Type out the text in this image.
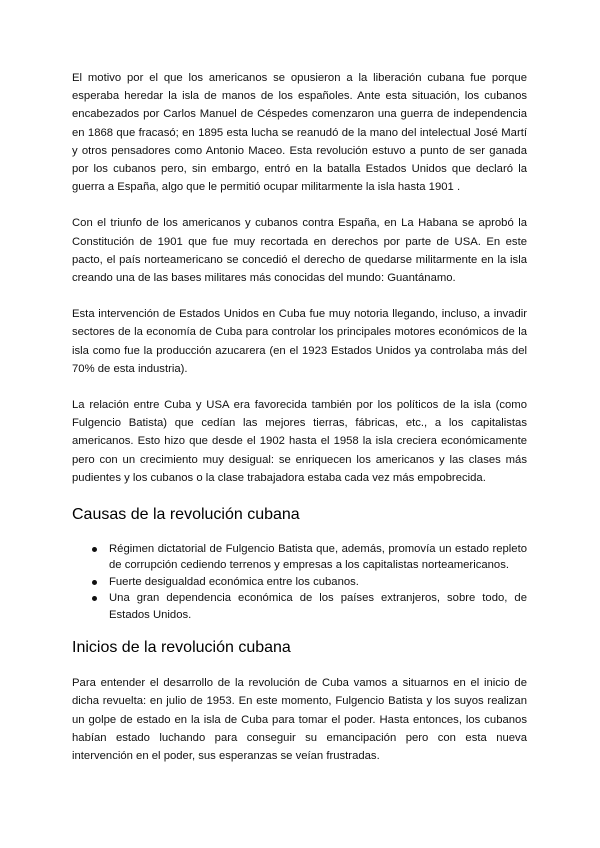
El motivo por el que los americanos se opusieron a la liberación cubana fue porque esperaba heredar la isla de manos de los españoles. Ante esta situación, los cubanos encabezados por Carlos Manuel de Céspedes comenzaron una guerra de independencia en 1868 que fracasó; en 1895 esta lucha se reanudó de la mano del intelectual José Martí y otros pensadores como Antonio Maceo. Esta revolución estuvo a punto de ser ganada por los cubanos pero, sin embargo, entró en la batalla Estados Unidos que declaró la guerra a España, algo que le permitió ocupar militarmente la isla hasta 1901 .

Con el triunfo de los americanos y cubanos contra España, en La Habana se aprobó la Constitución de 1901 que fue muy recortada en derechos por parte de USA. En este pacto, el país norteamericano se concedió el derecho de quedarse militarmente en la isla creando una de las bases militares más conocidas del mundo: Guantánamo.

Esta intervención de Estados Unidos en Cuba fue muy notoria llegando, incluso, a invadir sectores de la economía de Cuba para controlar los principales motores económicos de la isla como fue la producción azucarera (en el 1923 Estados Unidos ya controlaba más del 70% de esta industria).

La relación entre Cuba y USA era favorecida también por los políticos de la isla (como Fulgencio Batista) que cedían las mejores tierras, fábricas, etc., a los capitalistas americanos. Esto hizo que desde el 1902 hasta el 1958 la isla creciera económicamente pero con un crecimiento muy desigual: se enriquecen los americanos y las clases más pudientes y los cubanos o la clase trabajadora estaba cada vez más empobrecida.

Causas de la revolución cubana
Régimen dictatorial de Fulgencio Batista que, además, promovía un estado repleto de corrupción cediendo terrenos y empresas a los capitalistas norteamericanos.
Fuerte desigualdad económica entre los cubanos.
Una gran dependencia económica de los países extranjeros, sobre todo, de Estados Unidos.
Inicios de la revolución cubana

Para entender el desarrollo de la revolución de Cuba vamos a situarnos en el inicio de dicha revuelta: en julio de 1953. En este momento, Fulgencio Batista y los suyos realizan un golpe de estado en la isla de Cuba para tomar el poder. Hasta entonces, los cubanos habían estado luchando para conseguir su emancipación pero con esta nueva intervención en el poder, sus esperanzas se veían frustradas.
